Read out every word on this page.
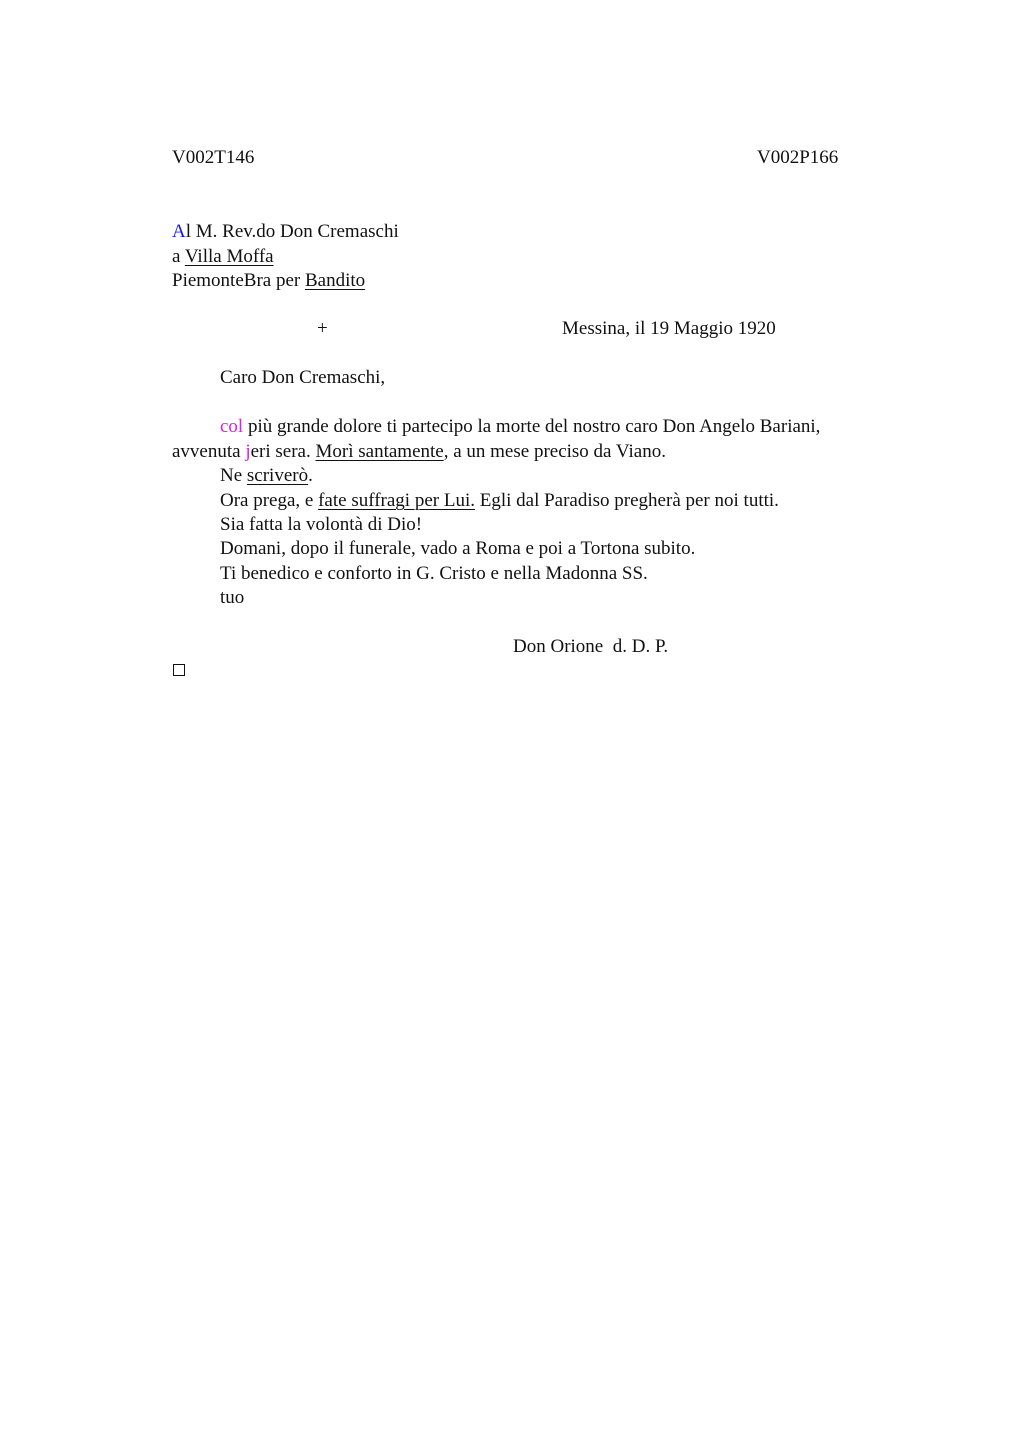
V002T146	V002P166
Al M. Rev.do Don Cremaschi
a Villa Moffa
PiemonteBra per Bandito
+	Messina, il 19 Maggio 1920
Caro Don Cremaschi,
col più grande dolore ti partecipo la morte del nostro caro Don Angelo Bariani,
avvenuta jeri sera. Morì santamente, a un mese preciso da Viano.
Ne scriverò.
Ora prega, e fate suffragi per Lui. Egli dal Paradiso pregherà per noi tutti.
Sia fatta la volontà di Dio!
Domani, dopo il funerale, vado a Roma e poi a Tortona subito.
Ti benedico e conforto in G. Cristo e nella Madonna SS.
tuo
Don Orione  d. D. P.
